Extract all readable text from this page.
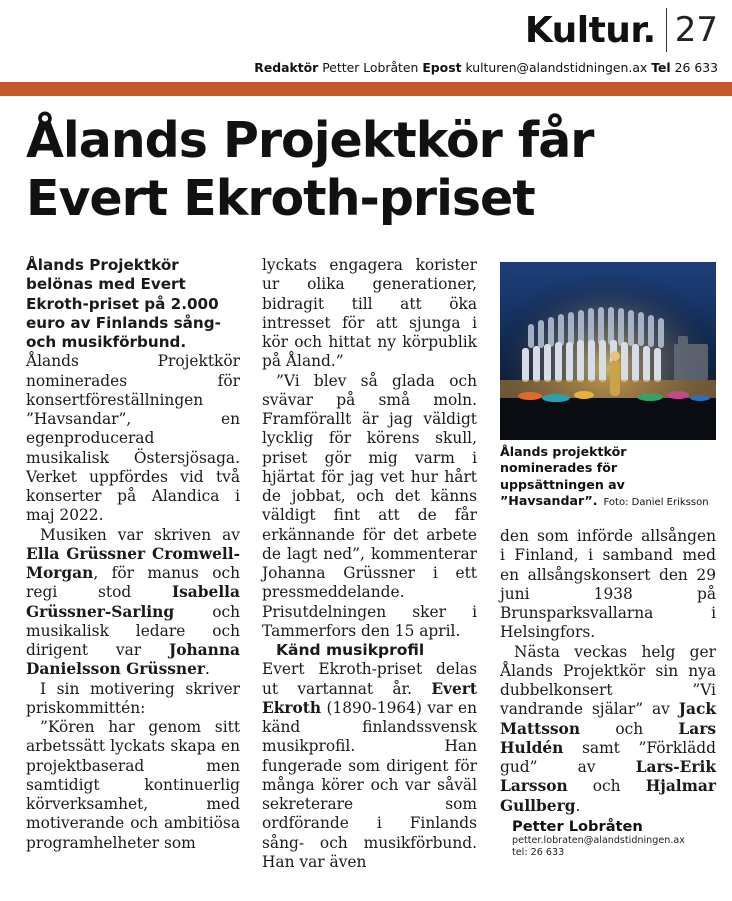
Kultur. 27
Redaktör Petter Lobråten Epost kulturen@alandstidningen.ax Tel 26 633
Ålands Projektkör får Evert Ekroth-priset

Ålands Projektkör belönas med Evert Ekroth-priset på 2.000 euro av Finlands sång- och musikförbund.

Ålands Projektkör nominerades för konsertföreställningen ”Havsandar”, en egenproducerad musikalisk Östersjösaga. Verket uppfördes vid två konserter på Alandica i maj 2022.

Musiken var skriven av Ella Grüssner Cromwell-Morgan, för manus och regi stod Isabella Grüssner-Sarling och musikalisk ledare och dirigent var Johanna Danielsson Grüssner.

I sin motivering skriver priskommittén:

”Kören har genom sitt arbetssätt lyckats skapa en projektbaserad men samtidigt kontinuerlig körverksamhet, med motiverande och ambitiösa programhelheter som

lyckats engagera korister ur olika generationer, bidragit till att öka intresset för att sjunga i kör och hittat ny körpublik på Åland.”

”Vi blev så glada och svävar på små moln. Framförallt är jag väldigt lycklig för körens skull, priset gör mig varm i hjärtat för jag vet hur hårt de jobbat, och det känns väldigt fint att de får erkännande för det arbete de lagt ned”, kommenterar Johanna Grüssner i ett pressmeddelande. Prisutdelningen sker i Tammerfors den 15 april.

Känd musikprofil

Evert Ekroth-priset delas ut vartannat år. Evert Ekroth (1890-1964) var en känd finlandssvensk musikprofil. Han fungerade som dirigent för många körer och var såväl sekreterare som ordförande i Finlands sång- och musikförbund. Han var även

Ålands projektkör nominerades för uppsättningen av ”Havsandar”. Foto: Daniel Eriksson

den som införde allsången i Finland, i samband med en allsångskonsert den 29 juni 1938 på Brunsparksvallarna i Helsingfors.

Nästa veckas helg ger Ålands Projektkör sin nya dubbelkonsert ”Vi vandrande själar” av Jack Mattsson och Lars Huldén samt ”Förklädd gud” av Lars-Erik Larsson och Hjalmar Gullberg.

Petter Lobråten
petter.lobraten@alandstidningen.ax
tel: 26 633
